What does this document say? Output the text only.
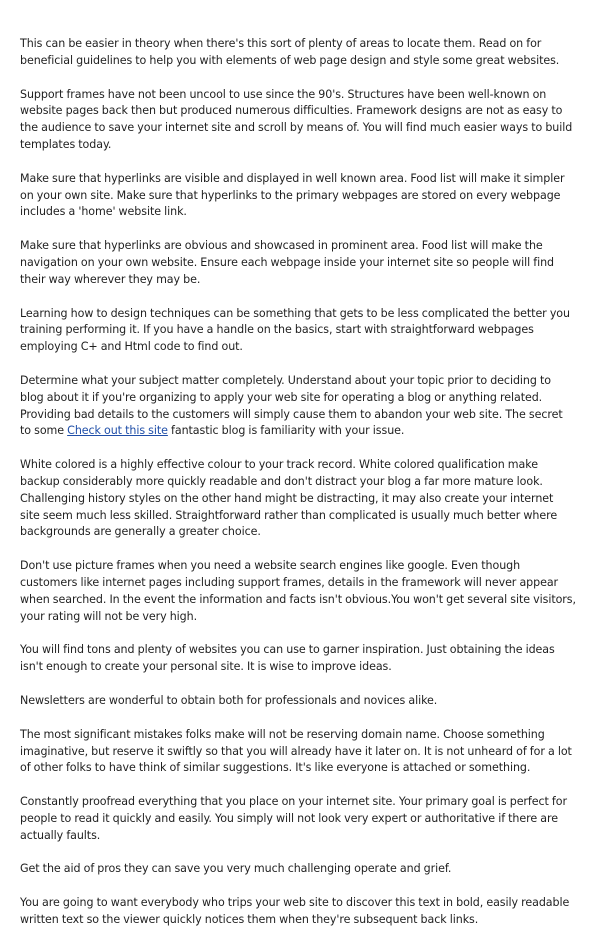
This can be easier in theory when there's this sort of plenty of areas to locate them. Read on for beneficial guidelines to help you with elements of web page design and style some great websites.

Support frames have not been uncool to use since the 90's. Structures have been well-known on website pages back then but produced numerous difficulties. Framework designs are not as easy to the audience to save your internet site and scroll by means of. You will find much easier ways to build templates today.

Make sure that hyperlinks are visible and displayed in well known area. Food list will make it simpler on your own site. Make sure that hyperlinks to the primary webpages are stored on every webpage includes a 'home' website link.

Make sure that hyperlinks are obvious and showcased in prominent area. Food list will make the navigation on your own website. Ensure each webpage inside your internet site so people will find their way wherever they may be.

Learning how to design techniques can be something that gets to be less complicated the better you training performing it. If you have a handle on the basics, start with straightforward webpages employing C+ and Html code to find out.

Determine what your subject matter completely. Understand about your topic prior to deciding to blog about it if you're organizing to apply your web site for operating a blog or anything related. Providing bad details to the customers will simply cause them to abandon your web site. The secret to some Check out this site fantastic blog is familiarity with your issue.

White colored is a highly effective colour to your track record. White colored qualification make backup considerably more quickly readable and don't distract your blog a far more mature look. Challenging history styles on the other hand might be distracting, it may also create your internet site seem much less skilled. Straightforward rather than complicated is usually much better where backgrounds are generally a greater choice.

Don't use picture frames when you need a website search engines like google. Even though customers like internet pages including support frames, details in the framework will never appear when searched. In the event the information and facts isn't obvious.You won't get several site visitors, your rating will not be very high.

You will find tons and plenty of websites you can use to garner inspiration. Just obtaining the ideas isn't enough to create your personal site. It is wise to improve ideas.

Newsletters are wonderful to obtain both for professionals and novices alike.

The most significant mistakes folks make will not be reserving domain name. Choose something imaginative, but reserve it swiftly so that you will already have it later on. It is not unheard of for a lot of other folks to have think of similar suggestions. It's like everyone is attached or something.

Constantly proofread everything that you place on your internet site. Your primary goal is perfect for people to read it quickly and easily. You simply will not look very expert or authoritative if there are actually faults.

Get the aid of pros they can save you very much challenging operate and grief.

You are going to want everybody who trips your web site to discover this text in bold, easily readable written text so the viewer quickly notices them when they're subsequent back links.
